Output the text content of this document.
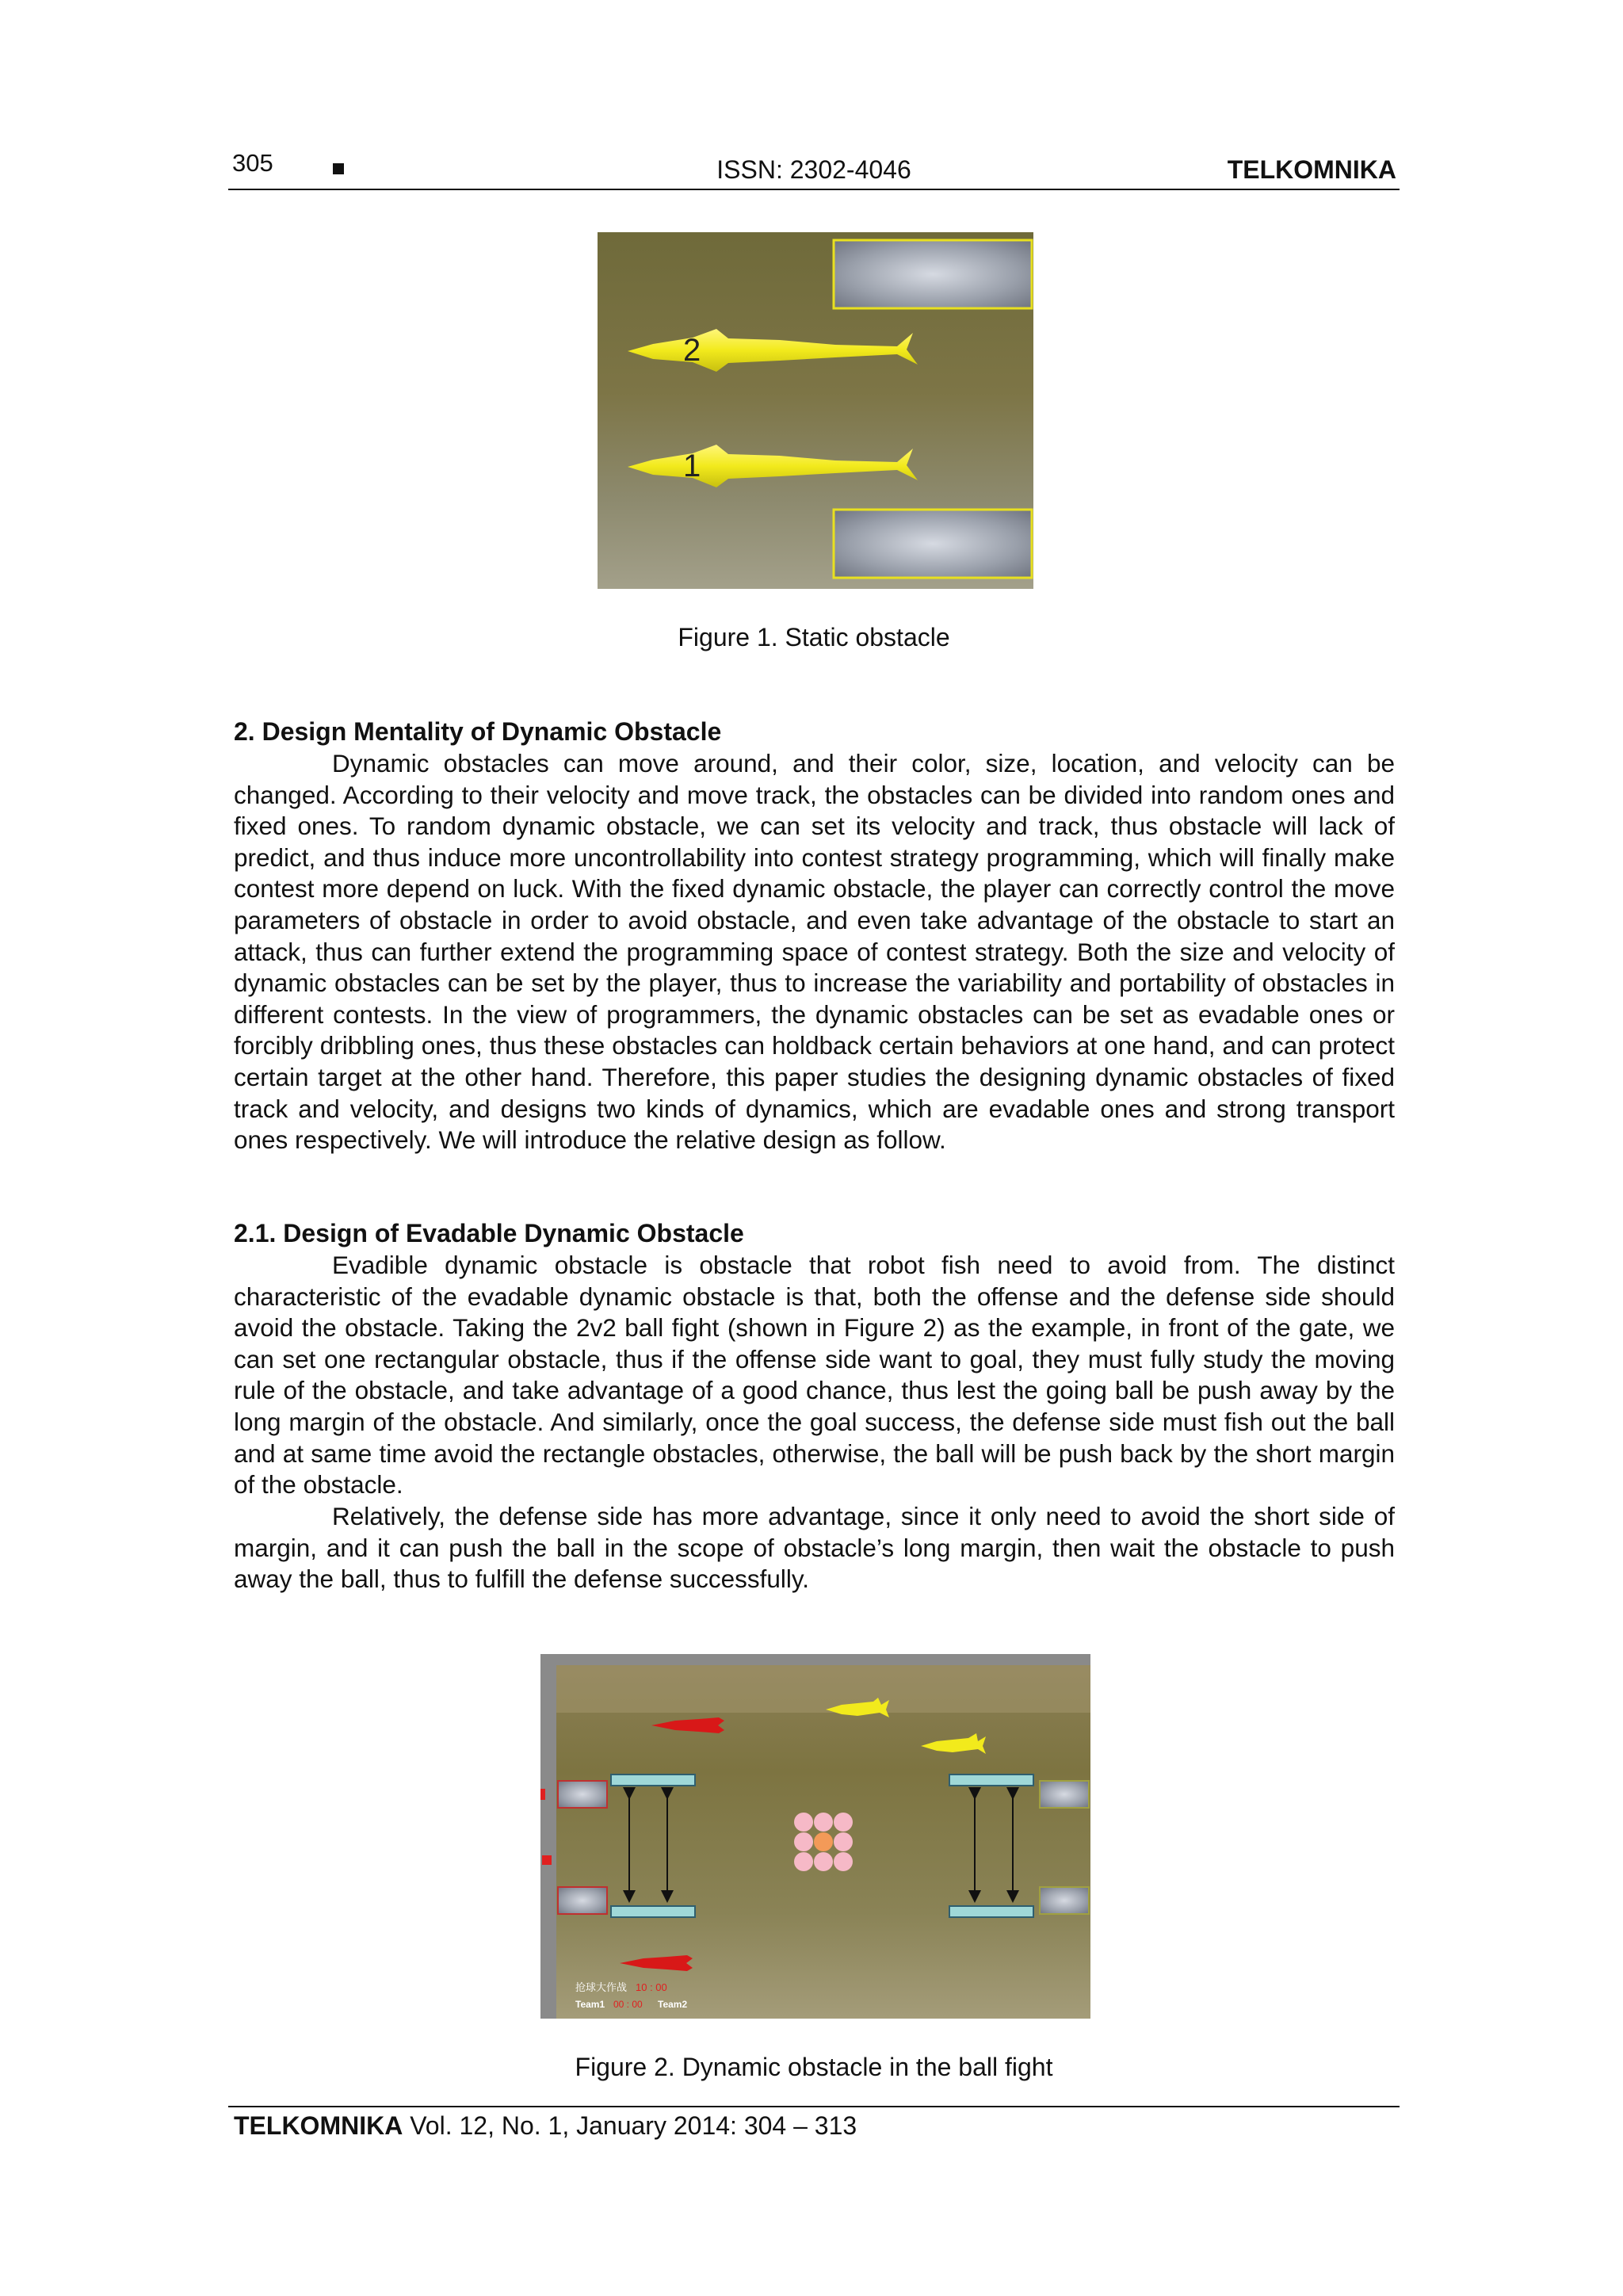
305	ISSN: 2302-4046	TELKOMNIKA
2
1
Figure 1. Static obstacle
2. Design Mentality of Dynamic Obstacle
Dynamic obstacles can move around, and their color, size, location, and velocity can be changed. According to their velocity and move track, the obstacles can be divided into random ones and fixed ones. To random dynamic obstacle, we can set its velocity and track, thus obstacle will lack of predict, and thus induce more uncontrollability into contest strategy programming, which will finally make contest more depend on luck. With the fixed dynamic obstacle, the player can correctly control the move parameters of obstacle in order to avoid obstacle, and even take advantage of the obstacle to start an attack, thus can further extend the programming space of contest strategy. Both the size and velocity of dynamic obstacles can be set by the player, thus to increase the variability and portability of obstacles in different contests. In the view of programmers, the dynamic obstacles can be set as evadable ones or forcibly dribbling ones, thus these obstacles can holdback certain behaviors at one hand, and can protect certain target at the other hand. Therefore, this paper studies the designing dynamic obstacles of fixed track and velocity, and designs two kinds of dynamics, which are evadable ones and strong transport ones respectively. We will introduce the relative design as follow.
2.1. Design of Evadable Dynamic Obstacle
Evadible dynamic obstacle is obstacle that robot fish need to avoid from. The distinct characteristic of the evadable dynamic obstacle is that, both the offense and the defense side should avoid the obstacle. Taking the 2v2 ball fight (shown in Figure 2) as the example, in front of the gate, we can set one rectangular obstacle, thus if the offense side want to goal, they must fully study the moving rule of the obstacle, and take advantage of a good chance, thus lest the going ball be push away by the long margin of the obstacle. And similarly, once the goal success, the defense side must fish out the ball and at same time avoid the rectangle obstacles, otherwise, the ball will be push back by the short margin of the obstacle.
Relatively, the defense side has more advantage, since it only need to avoid the short side of margin, and it can push the ball in the scope of obstacle’s long margin, then wait the obstacle to push away the ball, thus to fulfill the defense successfully.
抢球大作战 10 : 00
Team1 00 : 00 Team2
Figure 2. Dynamic obstacle in the ball fight
TELKOMNIKA Vol. 12, No. 1, January 2014: 304 – 313
